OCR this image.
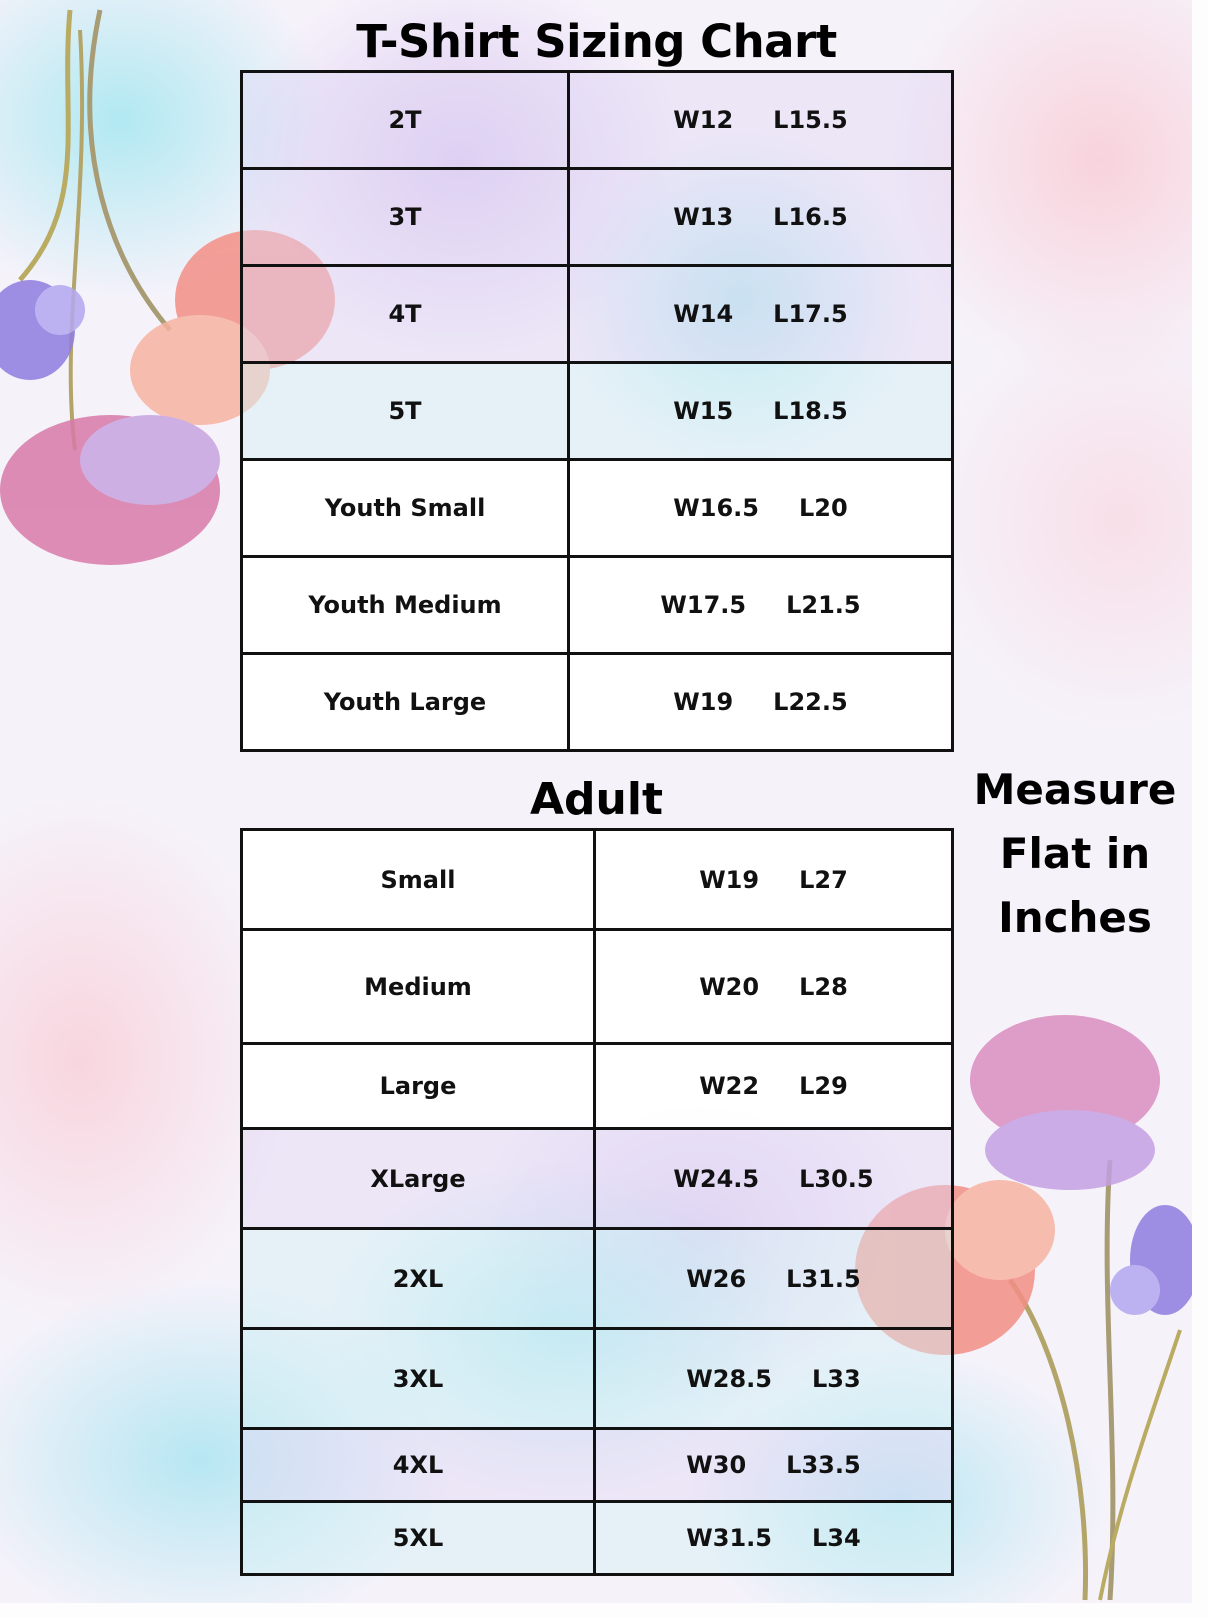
T-Shirt Sizing Chart
2T	W12 L15.5
3T	W13 L16.5
4T	W14 L17.5
5T	W15 L18.5
Youth Small	W16.5 L20
Youth Medium	W17.5 L21.5
Youth Large	W19 L22.5
Adult	Measure
Flat in
Inches
Small	W19 L27
Medium	W20 L28
Large	W22 L29
XLarge	W24.5 L30.5
2XL	W26 L31.5
3XL	W28.5 L33
4XL	W30 L33.5
5XL	W31.5 L34
